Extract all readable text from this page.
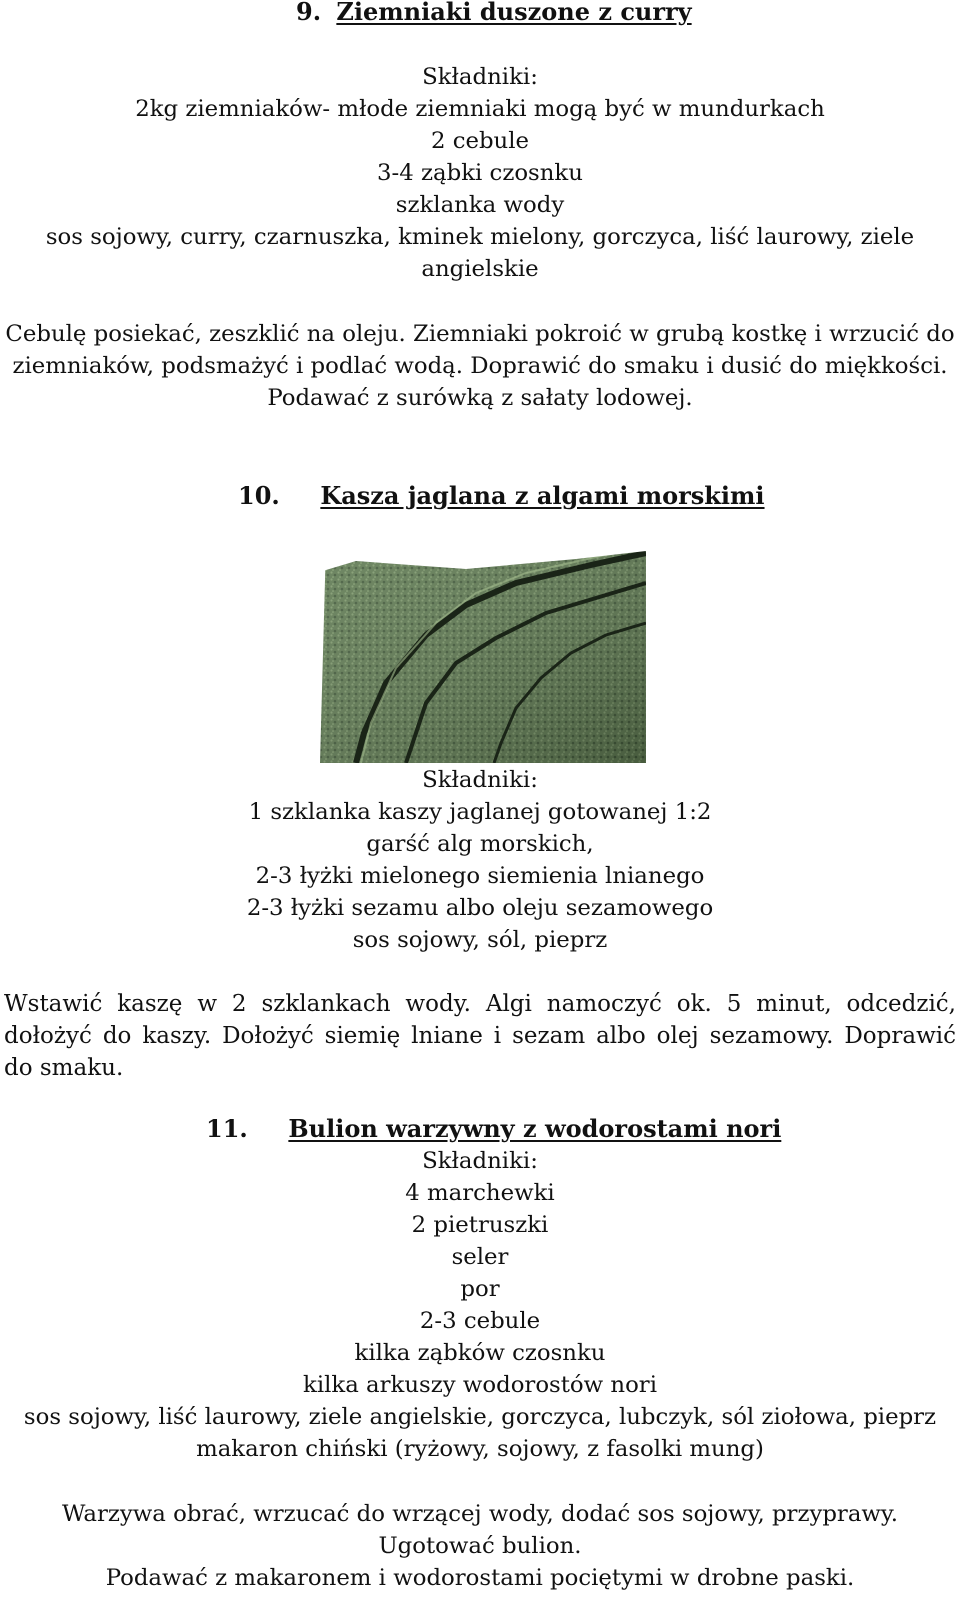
9. Ziemniaki duszone z curry
Składniki:
2kg ziemniaków- młode ziemniaki mogą być w mundurkach
2 cebule
3-4 ząbki czosnku
szklanka wody
sos sojowy, curry, czarnuszka, kminek mielony, gorczyca, liść laurowy, ziele
angielskie
Cebulę posiekać, zeszklić na oleju. Ziemniaki pokroić w grubą kostkę i wrzucić do
ziemniaków, podsmażyć i podlać wodą. Doprawić do smaku i dusić do miękkości.
Podawać z surówką z sałaty lodowej.
10. Kasza jaglana z algami morskimi
Składniki:
1 szklanka kaszy jaglanej gotowanej 1:2
garść alg morskich,
2-3 łyżki mielonego siemienia lnianego
2-3 łyżki sezamu albo oleju sezamowego
sos sojowy, sól, pieprz
Wstawić kaszę w 2 szklankach wody. Algi namoczyć ok. 5 minut, odcedzić,
dołożyć do kaszy. Dołożyć siemię lniane i sezam albo olej sezamowy. Doprawić
do smaku.
11. Bulion warzywny z wodorostami nori
Składniki:
4 marchewki
2 pietruszki
seler
por
2-3 cebule
kilka ząbków czosnku
kilka arkuszy wodorostów nori
sos sojowy, liść laurowy, ziele angielskie, gorczyca, lubczyk, sól ziołowa, pieprz
makaron chiński (ryżowy, sojowy, z fasolki mung)
Warzywa obrać, wrzucać do wrzącej wody, dodać sos sojowy, przyprawy.
Ugotować bulion.
Podawać z makaronem i wodorostami pociętymi w drobne paski.
